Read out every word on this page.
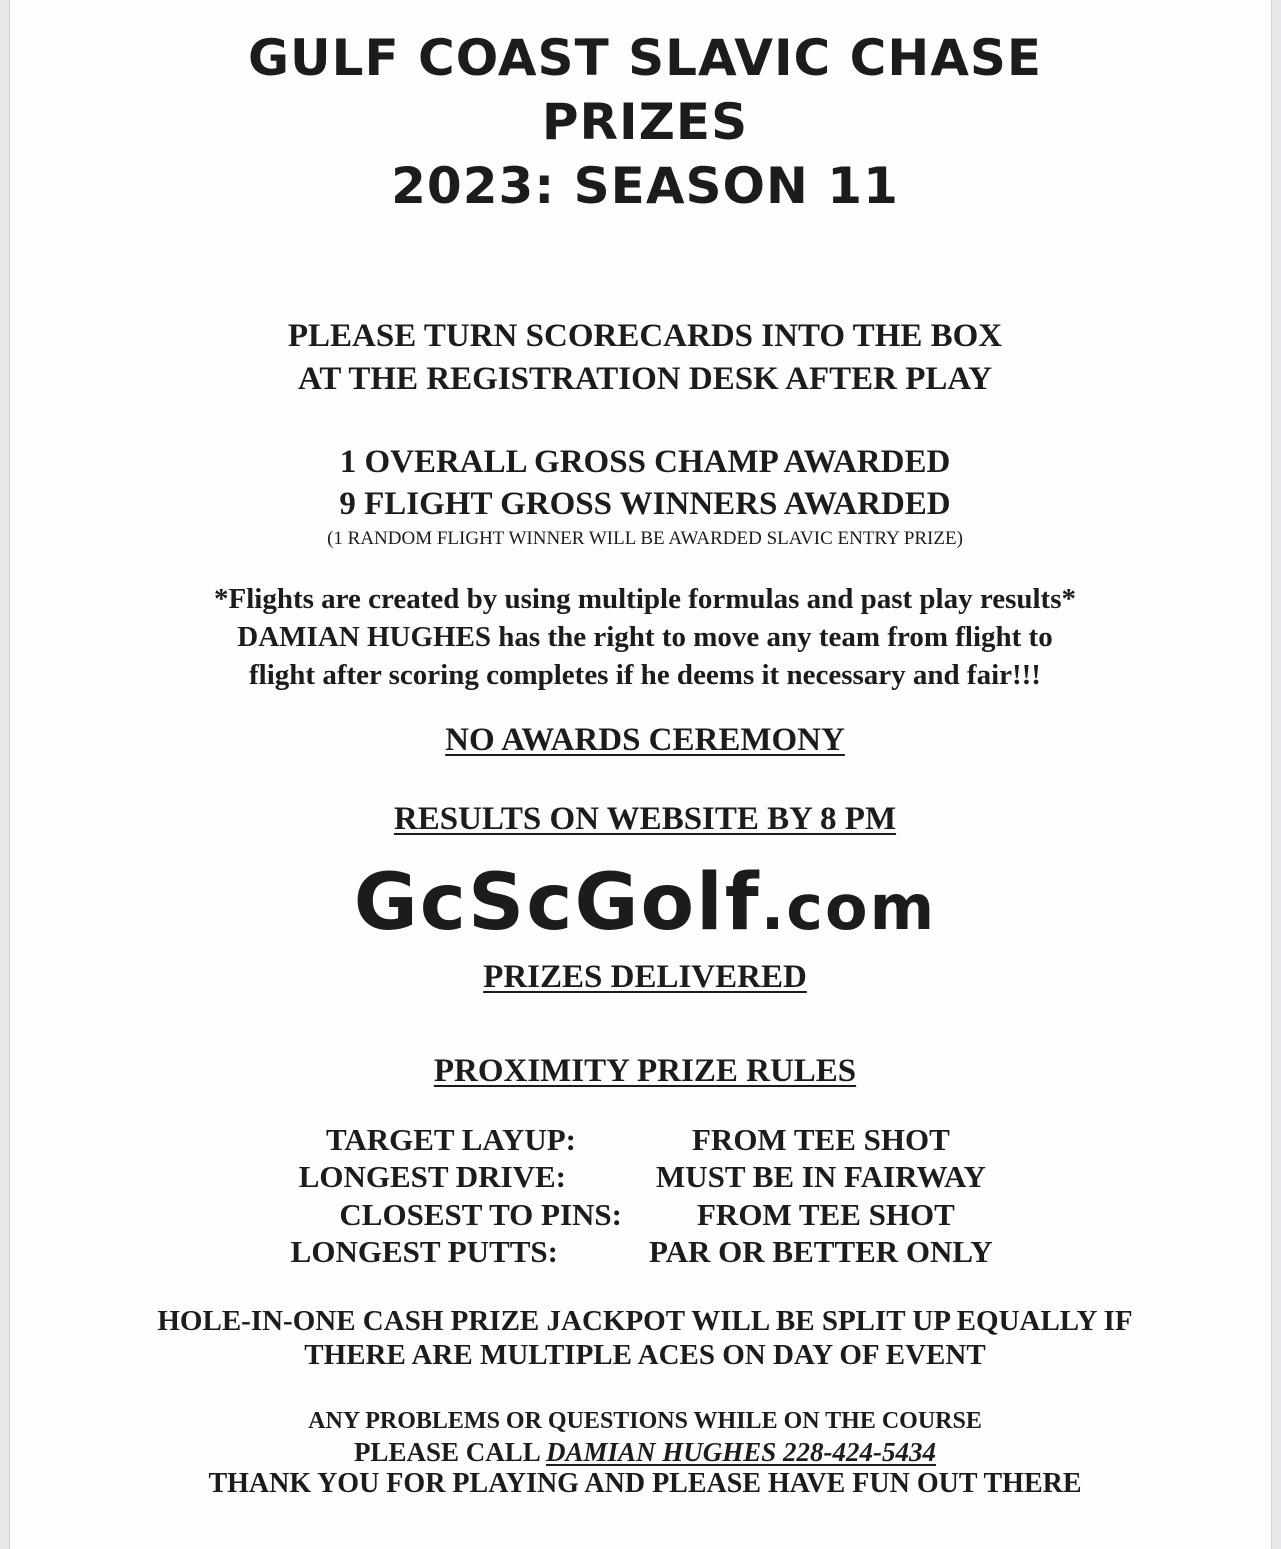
GULF COAST SLAVIC CHASE
PRIZES
2023: SEASON 11
PLEASE TURN SCORECARDS INTO THE BOX
AT THE REGISTRATION DESK AFTER PLAY
1 OVERALL GROSS CHAMP AWARDED
9 FLIGHT GROSS WINNERS AWARDED
(1 RANDOM FLIGHT WINNER WILL BE AWARDED SLAVIC ENTRY PRIZE)
*Flights are created by using multiple formulas and past play results*
DAMIAN HUGHES has the right to move any team from flight to
flight after scoring completes if he deems it necessary and fair!!!
NO AWARDS CEREMONY
RESULTS ON WEBSITE BY 8 PM
GcScGolf.com
PRIZES DELIVERED
PROXIMITY PRIZE RULES
TARGET LAYUP:	FROM TEE SHOT
LONGEST DRIVE:	MUST BE IN FAIRWAY
CLOSEST TO PINS: FROM TEE SHOT
LONGEST PUTTS:	PAR OR BETTER ONLY
HOLE-IN-ONE CASH PRIZE JACKPOT WILL BE SPLIT UP EQUALLY IF
THERE ARE MULTIPLE ACES ON DAY OF EVENT
ANY PROBLEMS OR QUESTIONS WHILE ON THE COURSE
PLEASE CALL DAMIAN HUGHES 228-424-5434
THANK YOU FOR PLAYING AND PLEASE HAVE FUN OUT THERE
